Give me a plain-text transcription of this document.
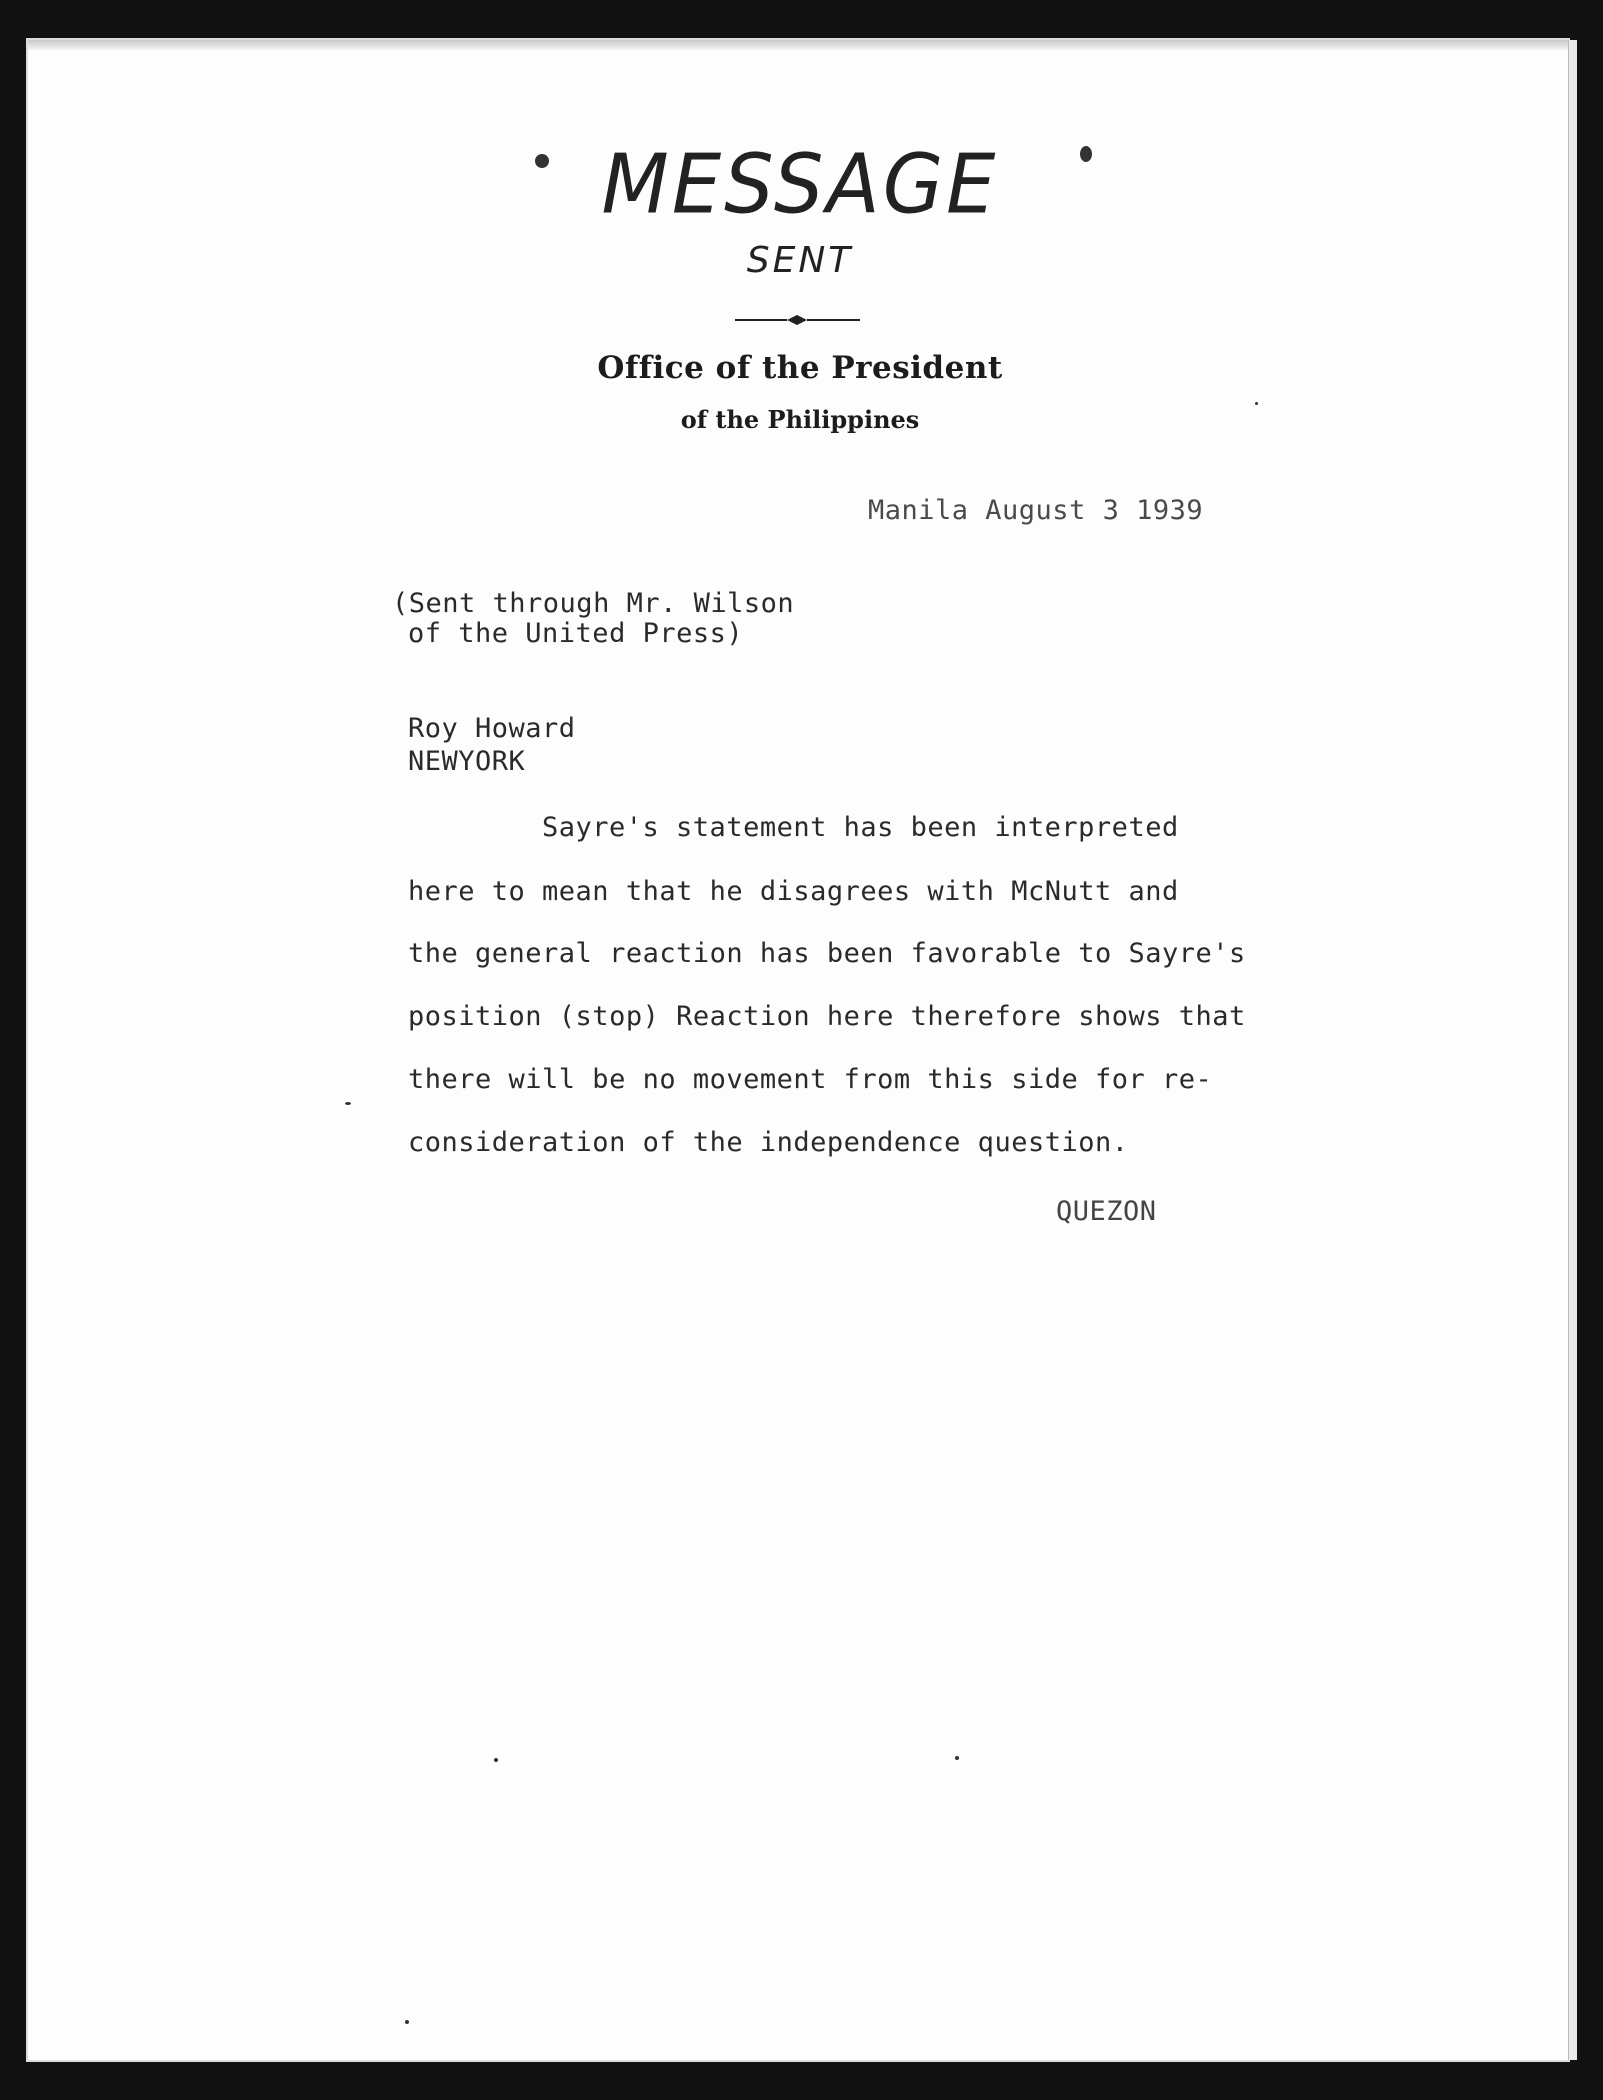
MESSAGE
SENT
Office of the President
of the Philippines
Manila August 3 1939
(Sent through Mr. Wilson
of the United Press)
Roy Howard
NEWYORK
Sayre's statement has been interpreted
here to mean that he disagrees with McNutt and
the general reaction has been favorable to Sayre's
position (stop) Reaction here therefore shows that
there will be no movement from this side for re-
consideration of the independence question.
QUEZON
